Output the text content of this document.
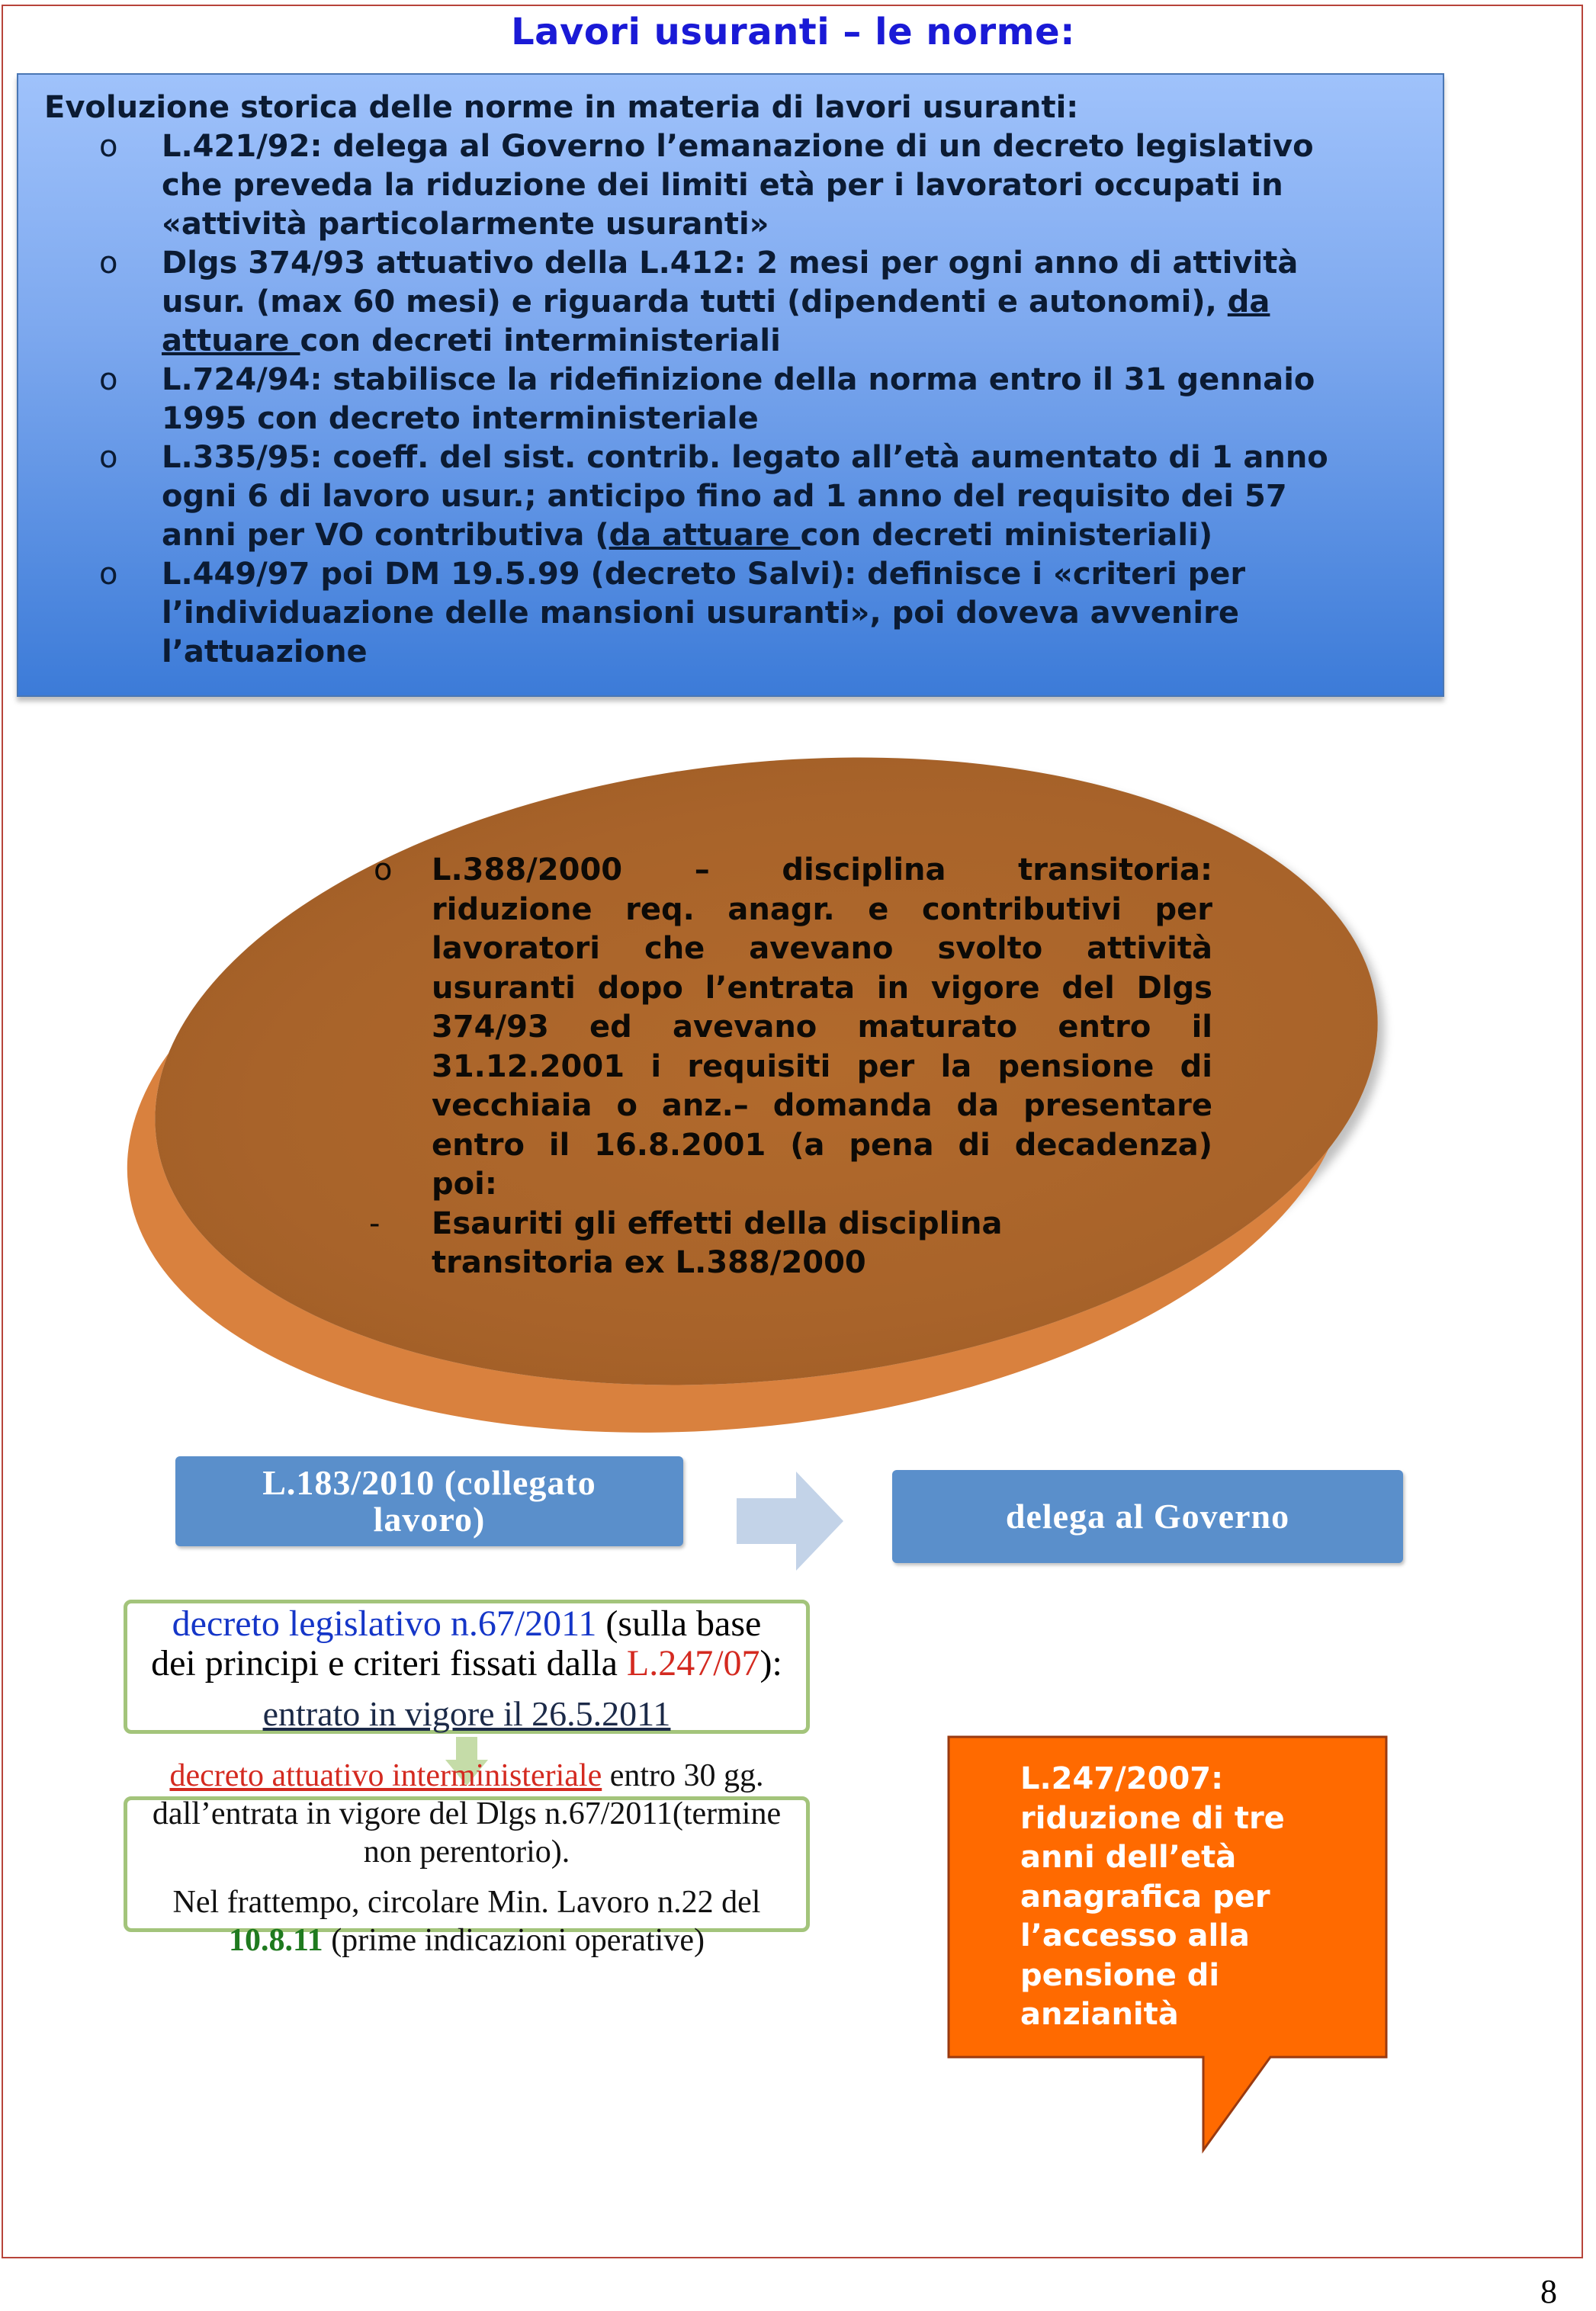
Lavori usuranti – le norme:
Evoluzione storica delle norme in materia di lavori usuranti:
o L.421/92: delega al Governo l’emanazione di un decreto legislativo
che preveda la riduzione dei limiti età per i lavoratori occupati in
«attività particolarmente usuranti»
o Dlgs 374/93 attuativo della L.412: 2 mesi per ogni anno di attività
usur. (max 60 mesi) e riguarda tutti (dipendenti e autonomi), da
attuare con decreti interministeriali
o L.724/94: stabilisce la ridefinizione della norma entro il 31 gennaio
1995 con decreto interministeriale
o L.335/95: coeff. del sist. contrib. legato all’età aumentato di 1 anno
ogni 6 di lavoro usur.; anticipo fino ad 1 anno del requisito dei 57
anni per VO contributiva (da attuare con decreti ministeriali)
o L.449/97 poi DM 19.5.99 (decreto Salvi): definisce i «criteri per
l’individuazione delle mansioni usuranti», poi doveva avvenire
l’attuazione
o L.388/2000 – disciplina transitoria:
riduzione req. anagr. e contributivi per
lavoratori che avevano svolto attività
usuranti dopo l’entrata in vigore del Dlgs
374/93 ed avevano maturato entro il
31.12.2001 i requisiti per la pensione di
vecchiaia o anz.– domanda da presentare
entro il 16.8.2001 (a pena di decadenza)
poi:
- Esauriti gli effetti della disciplina
transitoria ex L.388/2000
L.183/2010 (collegato
lavoro)	delega al Governo
decreto legislativo n.67/2011 (sulla base
dei principi e criteri fissati dalla L.247/07):
entrato in vigore il 26.5.2011
decreto attuativo interministeriale entro 30 gg.
dall’entrata in vigore del Dlgs n.67/2011(termine
non perentorio).
Nel frattempo, circolare Min. Lavoro n.22 del
10.8.11 (prime indicazioni operative)
L.247/2007:
riduzione di tre
anni dell’età
anagrafica per
l’accesso alla
pensione di
anzianità
8
